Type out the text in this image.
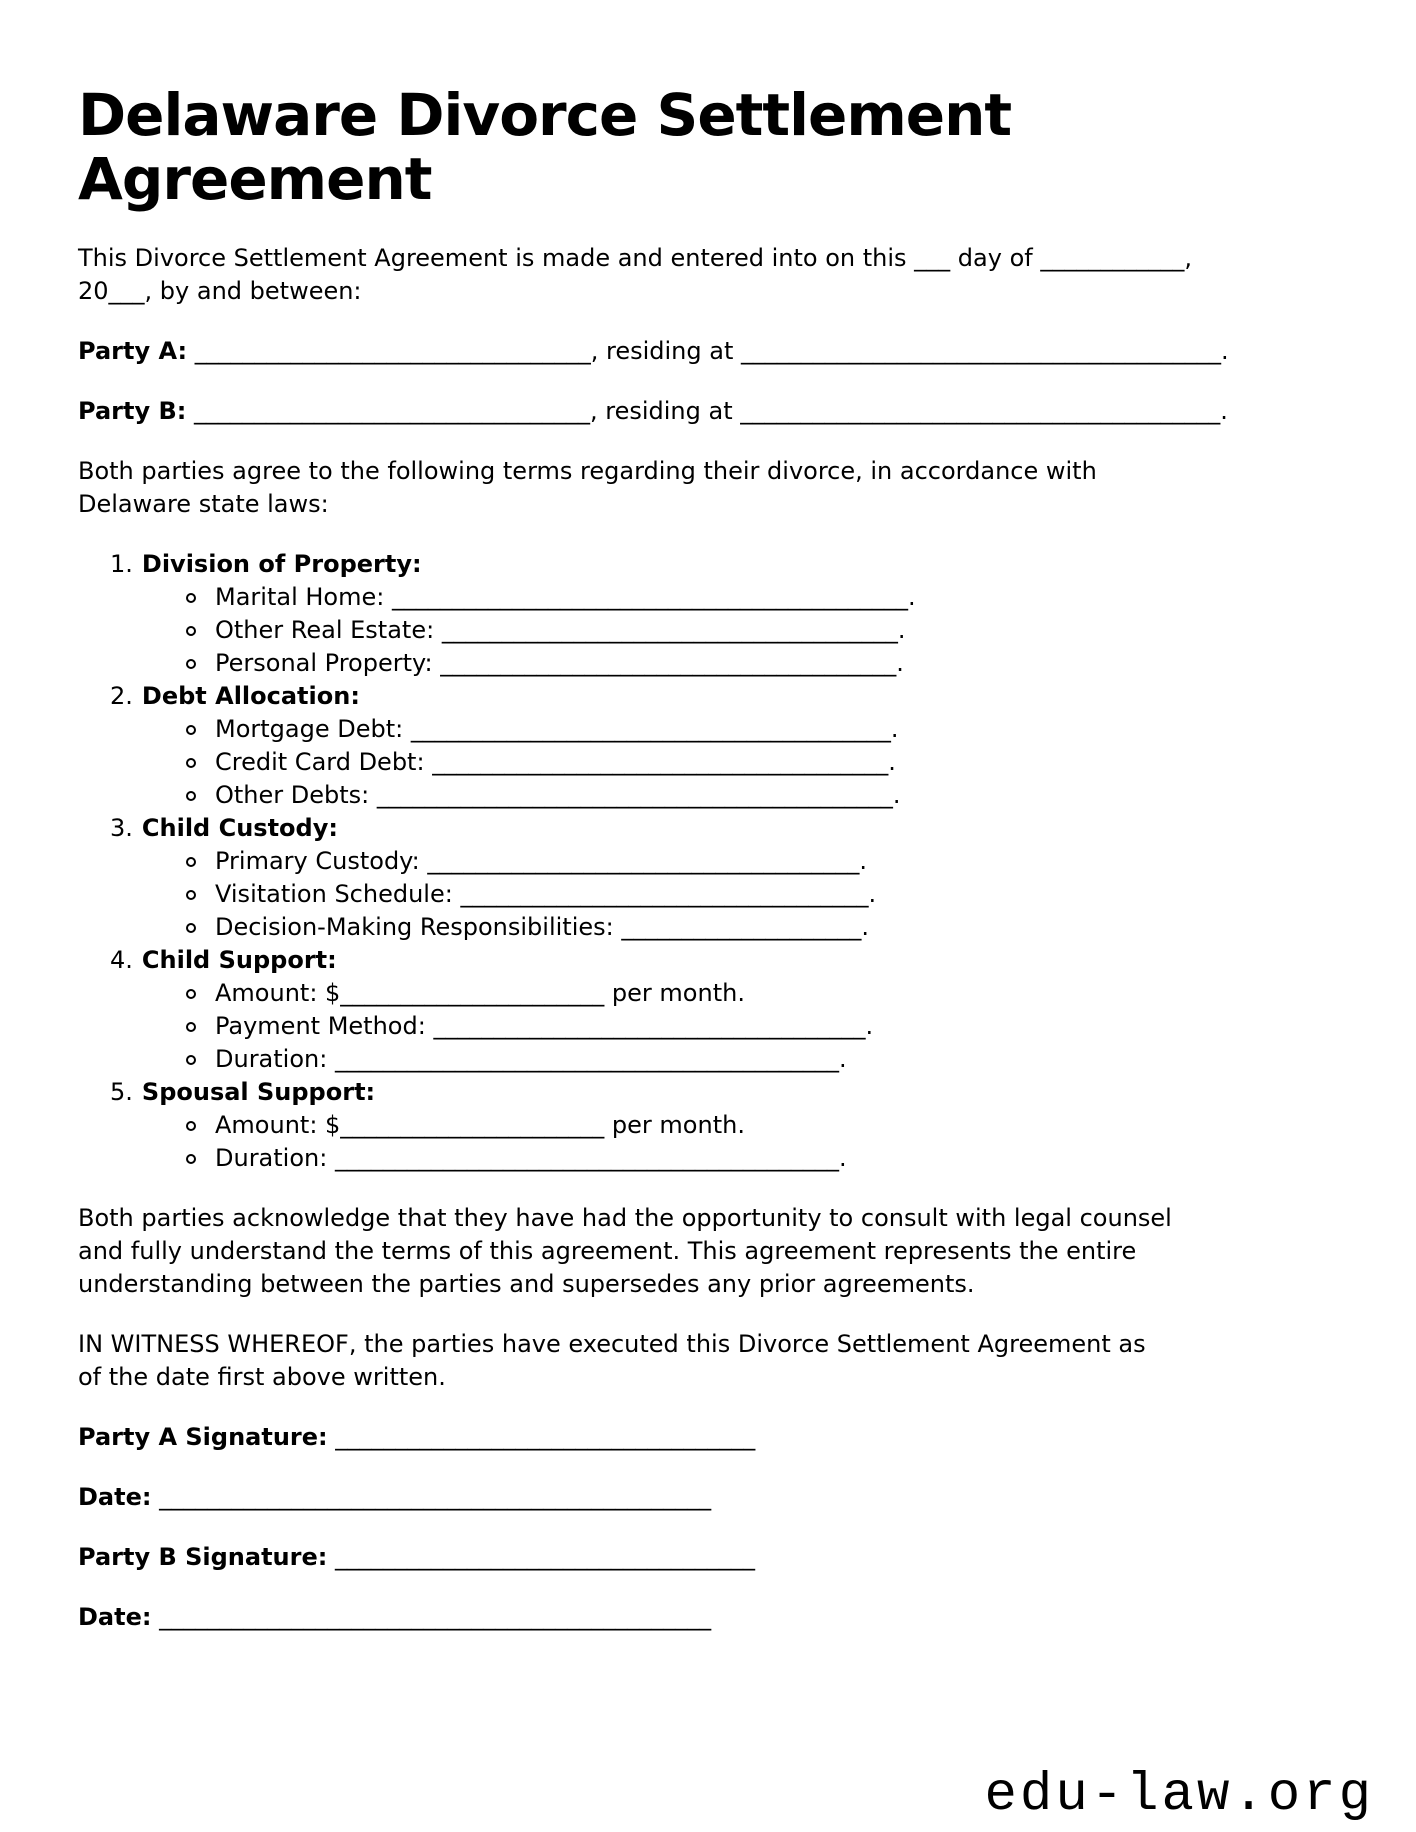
Delaware Divorce Settlement Agreement

This Divorce Settlement Agreement is made and entered into on this ___ day of ____________,
20___, by and between:

Party A: _________________________________, residing at ________________________________________.

Party B: _________________________________, residing at ________________________________________.

Both parties agree to the following terms regarding their divorce, in accordance with
Delaware state laws:

1. Division of Property:
Marital Home: ___________________________________________.
Other Real Estate: ______________________________________.
Personal Property: ______________________________________.
2. Debt Allocation:
Mortgage Debt: ________________________________________.
Credit Card Debt: ______________________________________.
Other Debts: ___________________________________________.
3. Child Custody:
Primary Custody: ____________________________________.
Visitation Schedule: __________________________________.
Decision-Making Responsibilities: ____________________.
4. Child Support:
Amount: $______________________ per month.
Payment Method: ____________________________________.
Duration: __________________________________________.
5. Spousal Support:
Amount: $______________________ per month.
Duration: __________________________________________.

Both parties acknowledge that they have had the opportunity to consult with legal counsel
and fully understand the terms of this agreement. This agreement represents the entire
understanding between the parties and supersedes any prior agreements.

IN WITNESS WHEREOF, the parties have executed this Divorce Settlement Agreement as
of the date first above written.

Party A Signature: ___________________________________

Date: ______________________________________________

Party B Signature: ___________________________________

Date: ______________________________________________

edu-law.org
